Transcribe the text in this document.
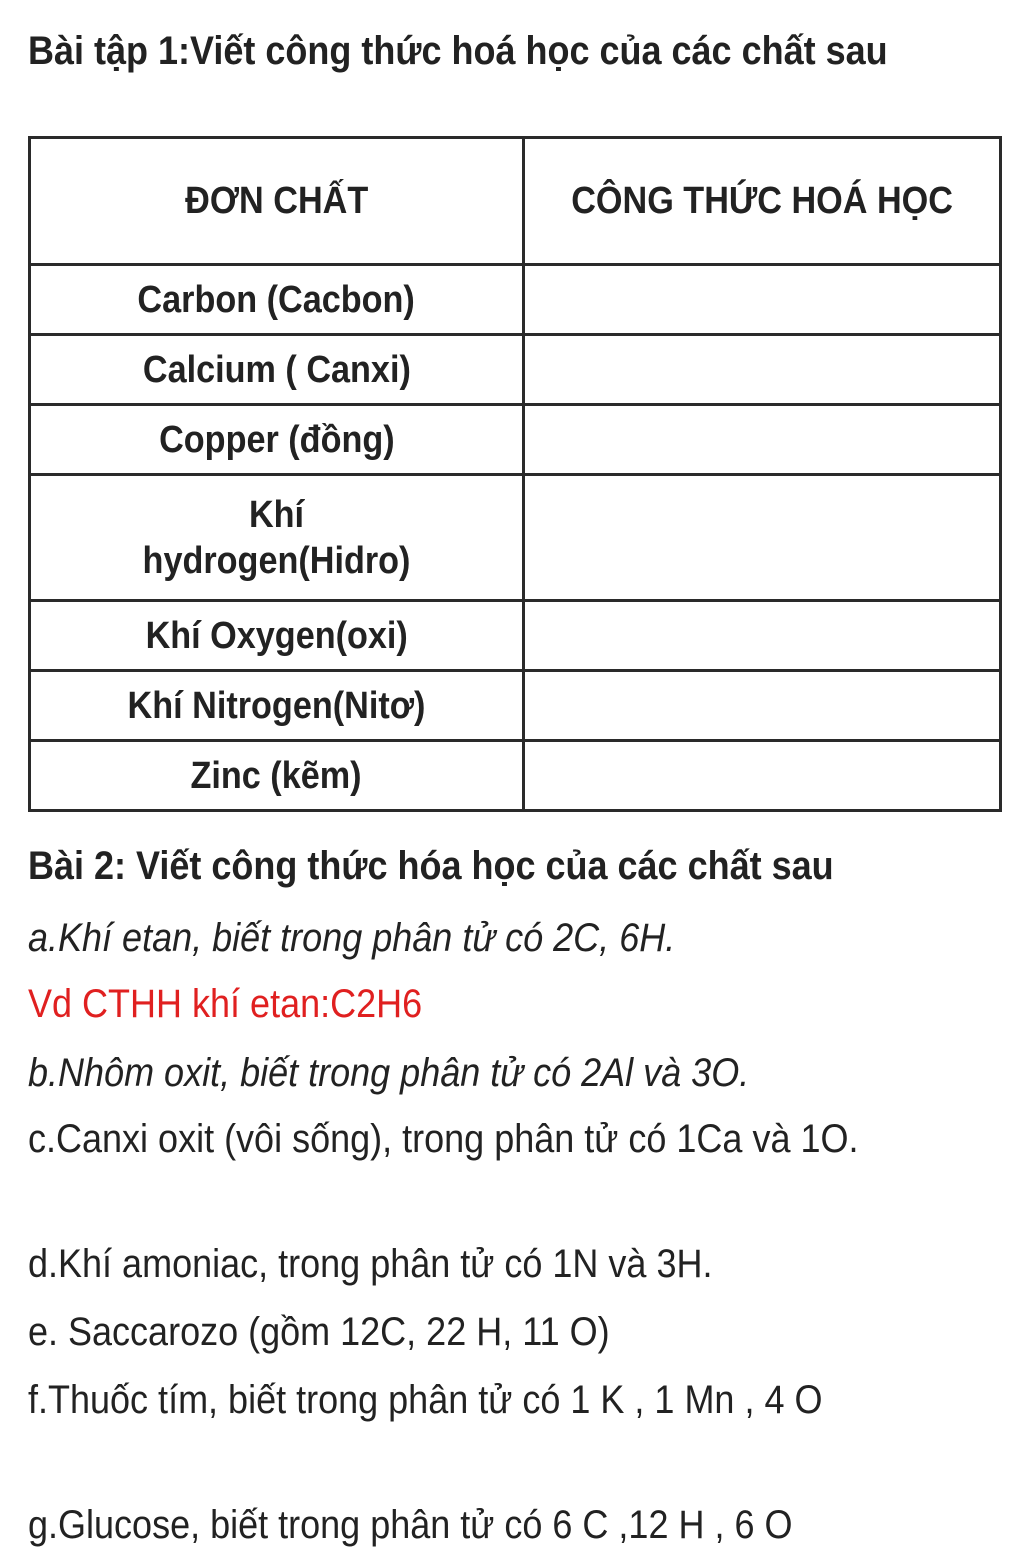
Bài tập 1:Viết công thức hoá học của các chất sau

ĐƠN CHẤT	CÔNG THỨC HOÁ HỌC
Carbon (Cacbon)	
Calcium ( Canxi)	
Copper (đồng)	
Khí hydrogen(Hidro)	
Khí Oxygen(oxi)	
Khí Nitrogen(Nitơ)	
Zinc (kẽm)	
Bài 2: Viết công thức hóa học của các chất sau
a.Khí etan, biết trong phân tử có 2C, 6H.
Vd CTHH khí etan:C2H6
b.Nhôm oxit, biết trong phân tử có 2Al và 3O.
c.Canxi oxit (vôi sống), trong phân tử có 1Ca và 1O.
d.Khí amoniac, trong phân tử có 1N và 3H.
e. Saccarozo (gồm 12C, 22 H, 11 O)
f.Thuốc tím, biết trong phân tử có 1 K , 1 Mn , 4 O
g.Glucose, biết trong phân tử có 6 C ,12 H , 6 O
